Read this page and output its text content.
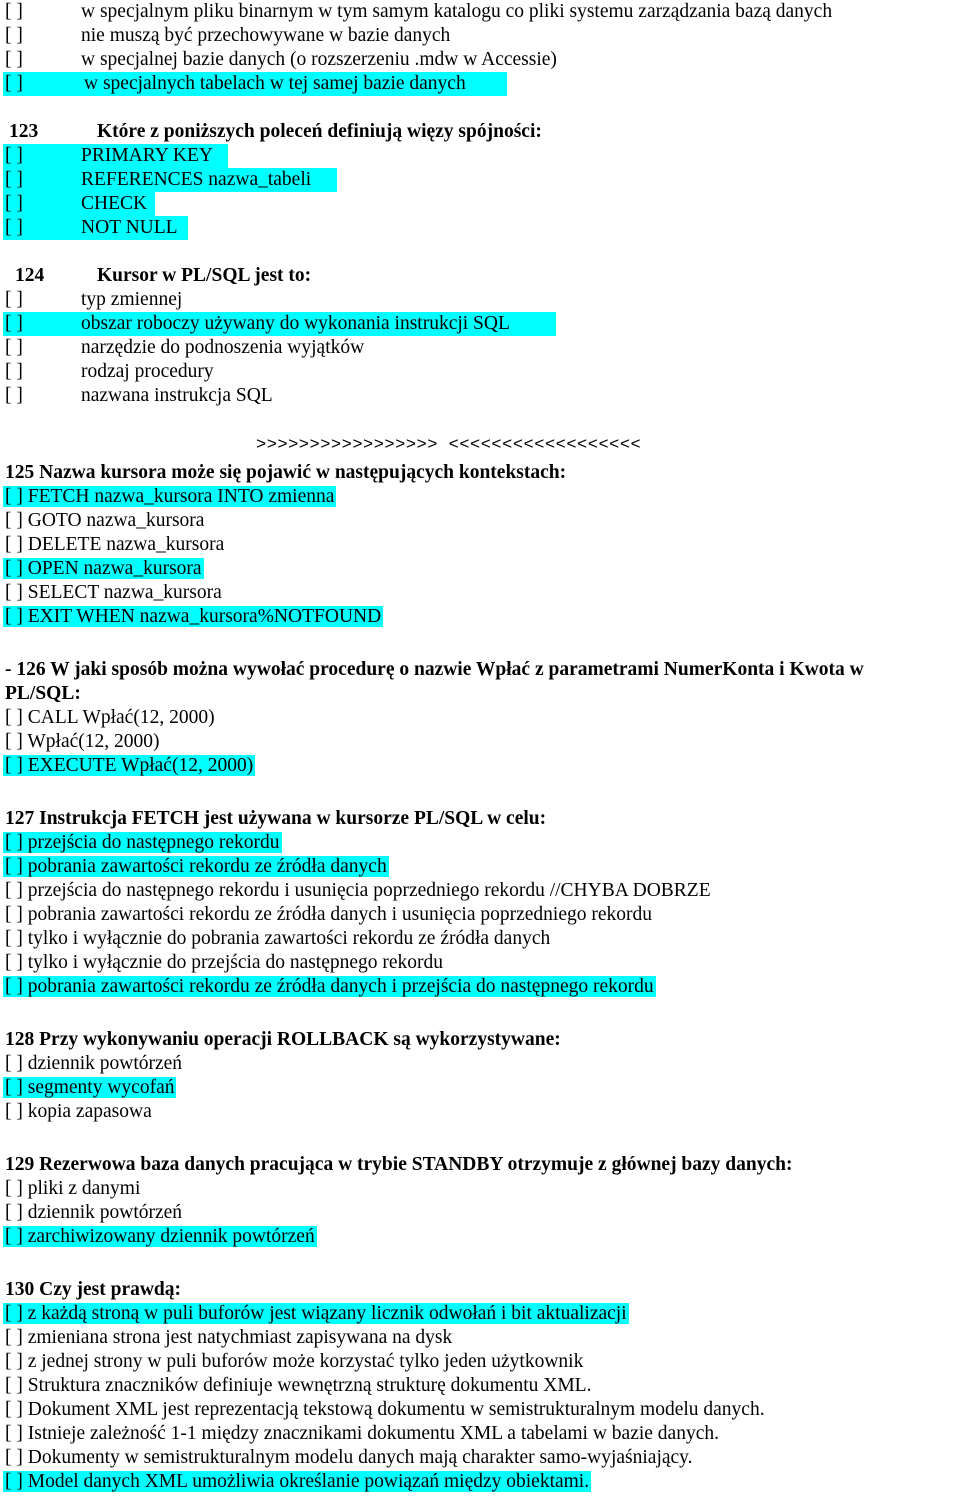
[ ]	w specjalnym pliku binarnym w tym samym katalogu co pliki systemu zarządzania bazą danych
[ ]	nie muszą być przechowywane w bazie danych
[ ]	w specjalnej bazie danych (o rozszerzeniu .mdw w Accessie)
[ ]	w specjalnych tabelach w tej samej bazie danych
123	Które z poniższych poleceń definiują więzy spójności:
[ ]	PRIMARY KEY
[ ]	REFERENCES nazwa_tabeli
[ ]	CHECK
[ ]	NOT NULL
124	Kursor w PL/SQL jest to:
[ ]	typ zmiennej
[ ]	obszar roboczy używany do wykonania instrukcji SQL
[ ]	narzędzie do podnoszenia wyjątków
[ ]	rodzaj procedury
[ ]	nazwana instrukcja SQL
>>>>>>>>>>>>>>>>> <<<<<<<<<<<<<<<<<<
125 Nazwa kursora może się pojawić w następujących kontekstach:
[ ] FETCH nazwa_kursora INTO zmienna
[ ] GOTO nazwa_kursora
[ ] DELETE nazwa_kursora
[ ] OPEN nazwa_kursora
[ ] SELECT nazwa_kursora
[ ] EXIT WHEN nazwa_kursora%NOTFOUND
- 126 W jaki sposób można wywołać procedurę o nazwie Wpłać z parametrami NumerKonta i Kwota w
PL/SQL:
[ ] CALL Wpłać(12, 2000)
[ ] Wpłać(12, 2000)
[ ] EXECUTE Wpłać(12, 2000)
127 Instrukcja FETCH jest używana w kursorze PL/SQL w celu:
[ ] przejścia do następnego rekordu
[ ] pobrania zawartości rekordu ze źródła danych
[ ] przejścia do następnego rekordu i usunięcia poprzedniego rekordu //CHYBA DOBRZE
[ ] pobrania zawartości rekordu ze źródła danych i usunięcia poprzedniego rekordu
[ ] tylko i wyłącznie do pobrania zawartości rekordu ze źródła danych
[ ] tylko i wyłącznie do przejścia do następnego rekordu
[ ] pobrania zawartości rekordu ze źródła danych i przejścia do następnego rekordu
128 Przy wykonywaniu operacji ROLLBACK są wykorzystywane:
[ ] dziennik powtórzeń
[ ] segmenty wycofań
[ ] kopia zapasowa
129 Rezerwowa baza danych pracująca w trybie STANDBY otrzymuje z głównej bazy danych:
[ ] pliki z danymi
[ ] dziennik powtórzeń
[ ] zarchiwizowany dziennik powtórzeń
130 Czy jest prawdą:
[ ] z każdą stroną w puli buforów jest wiązany licznik odwołań i bit aktualizacji
[ ] zmieniana strona jest natychmiast zapisywana na dysk
[ ] z jednej strony w puli buforów może korzystać tylko jeden użytkownik
[ ] Struktura znaczników definiuje wewnętrzną strukturę dokumentu XML.
[ ] Dokument XML jest reprezentacją tekstową dokumentu w semistrukturalnym modelu danych.
[ ] Istnieje zależność 1-1 między znacznikami dokumentu XML a tabelami w bazie danych.
[ ] Dokumenty w semistrukturalnym modelu danych mają charakter samo-wyjaśniający.
[ ] Model danych XML umożliwia określanie powiązań między obiektami.
